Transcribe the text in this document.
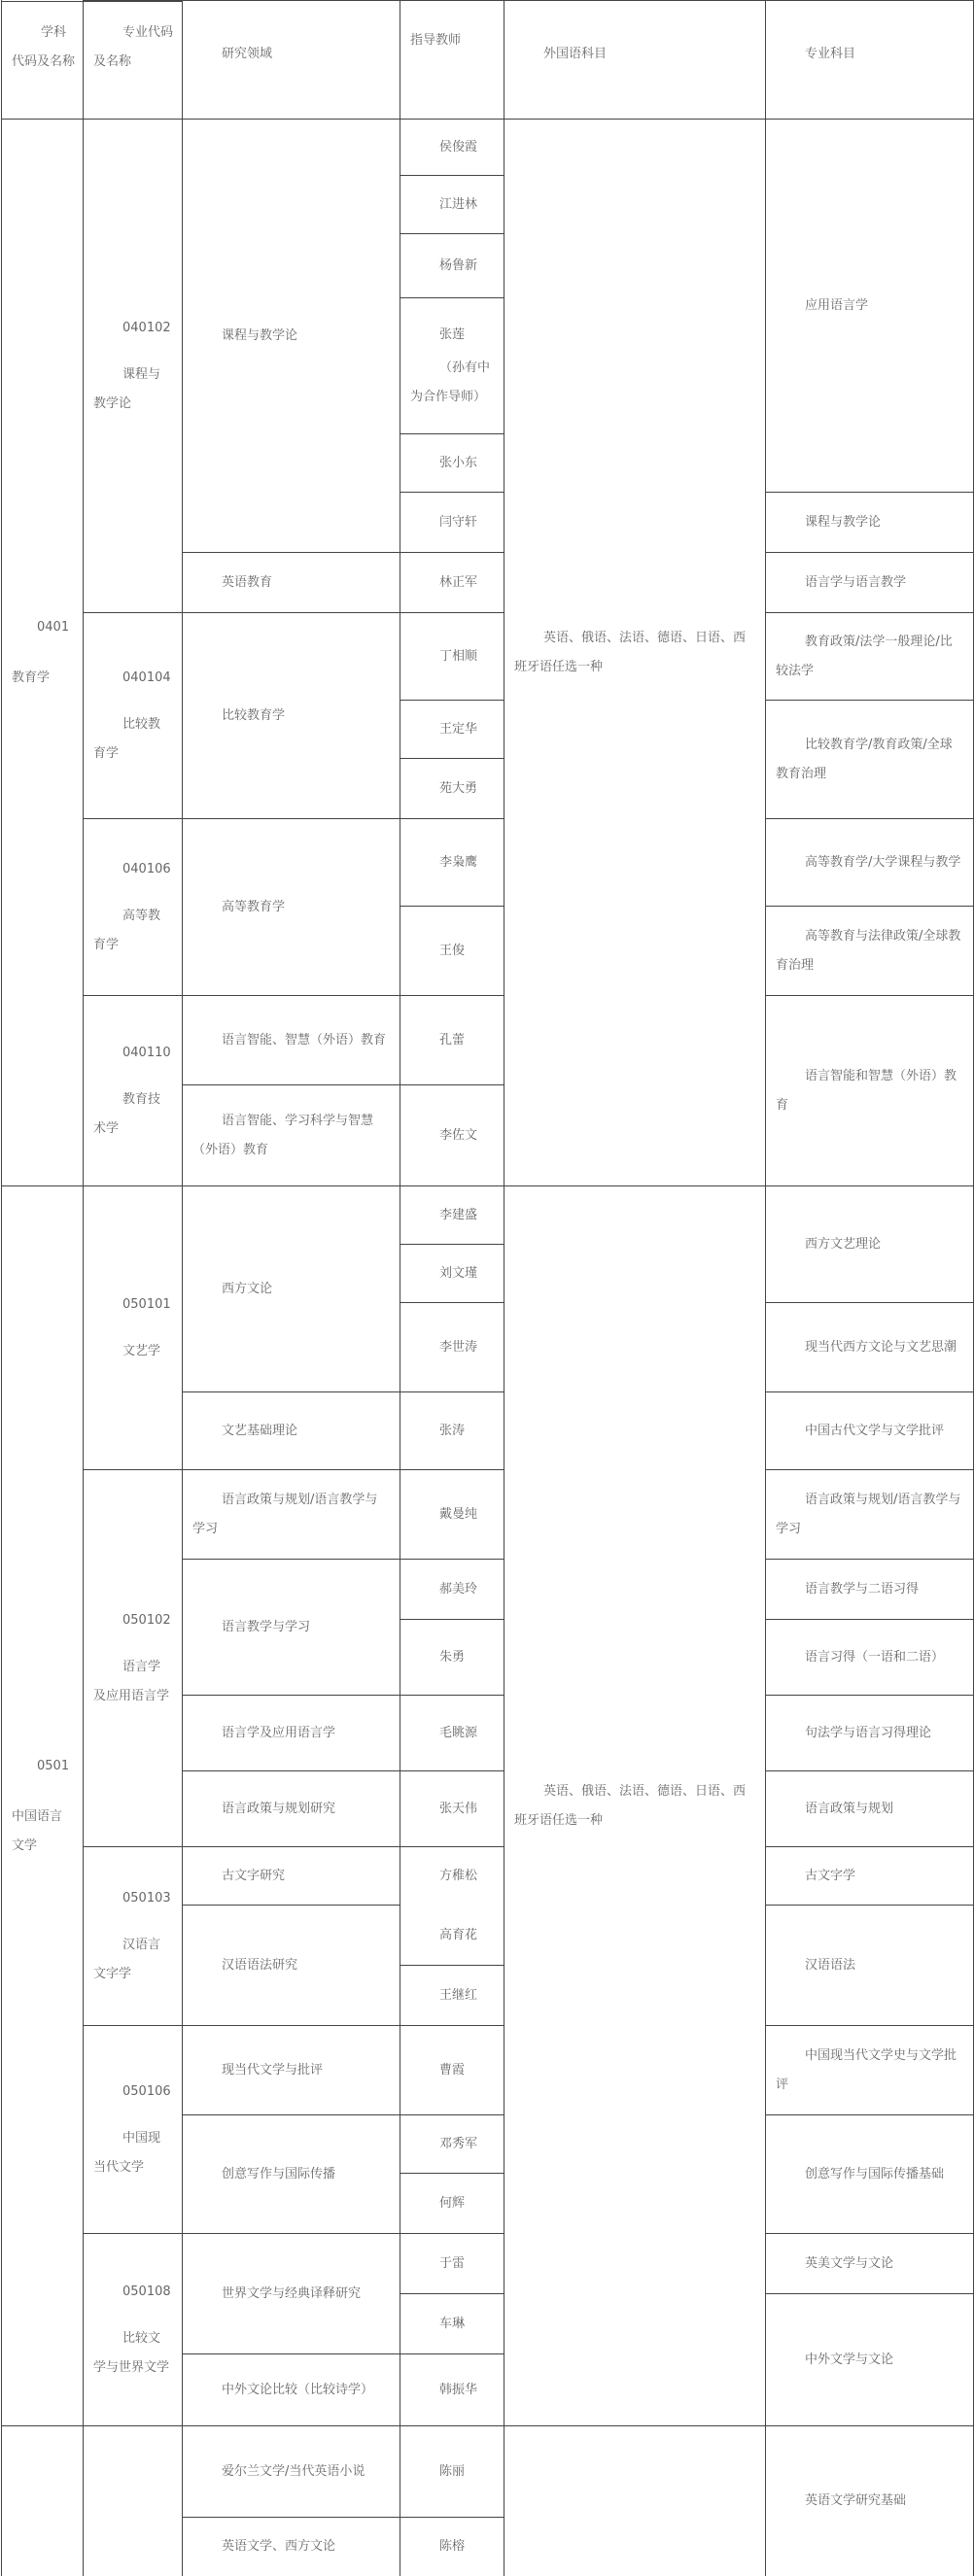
学科代码及名称
专业代码及名称
研究领域
指导教师
外国语科目	专业科目
0401
教育学
0501
中国语言文学
040102
课程与教学论
040104
比较教育学
040106
高等教育学
040110
教育技术学
050101
文艺学
050102
语言学及应用语言学
050103
汉语言文字学
050106
中国现当代文学
050108
比较文学与世界文学
课程与教学论
英语教育
比较教育学
高等教育学
语言智能、智慧（外语）教育
语言智能、学习科学与智慧（外语）教育
西方文论
文艺基础理论
语言政策与规划/语言教学与学习
语言教学与学习
语言学及应用语言学
语言政策与规划研究
古文字研究
汉语语法研究
现当代文学与批评
创意写作与国际传播
世界文学与经典译释研究
中外文论比较（比较诗学）
爱尔兰文学/当代英语小说
英语文学、西方文论
侯俊霞
江进林
杨鲁新
张莲
（孙有中为合作导师）
张小东
闫守轩
林正军
丁相顺
王定华
苑大勇
李枭鹰
王俊
孔蕾
李佐文
李建盛
刘文瑾
李世涛
张涛
戴曼纯
郝美玲
朱勇
毛眺源
张天伟
方稚松
高育花
王继红
曹霞
邓秀军
何辉
于雷
车琳
韩振华
陈丽
陈榕
英语、俄语、法语、德语、日语、西班牙语任选一种
英语、俄语、法语、德语、日语、西班牙语任选一种
应用语言学
课程与教学论
语言学与语言教学
教育政策/法学一般理论/比较法学
比较教育学/教育政策/全球教育治理
高等教育学/大学课程与教学
高等教育与法律政策/全球教育治理
语言智能和智慧（外语）教育
西方文艺理论
现当代西方文论与文艺思潮
中国古代文学与文学批评
语言政策与规划/语言教学与学习
语言教学与二语习得
语言习得（一语和二语）
句法学与语言习得理论
语言政策与规划
古文字学
汉语语法
中国现当代文学史与文学批评
创意写作与国际传播基础
英美文学与文论
中外文学与文论
英语文学研究基础
